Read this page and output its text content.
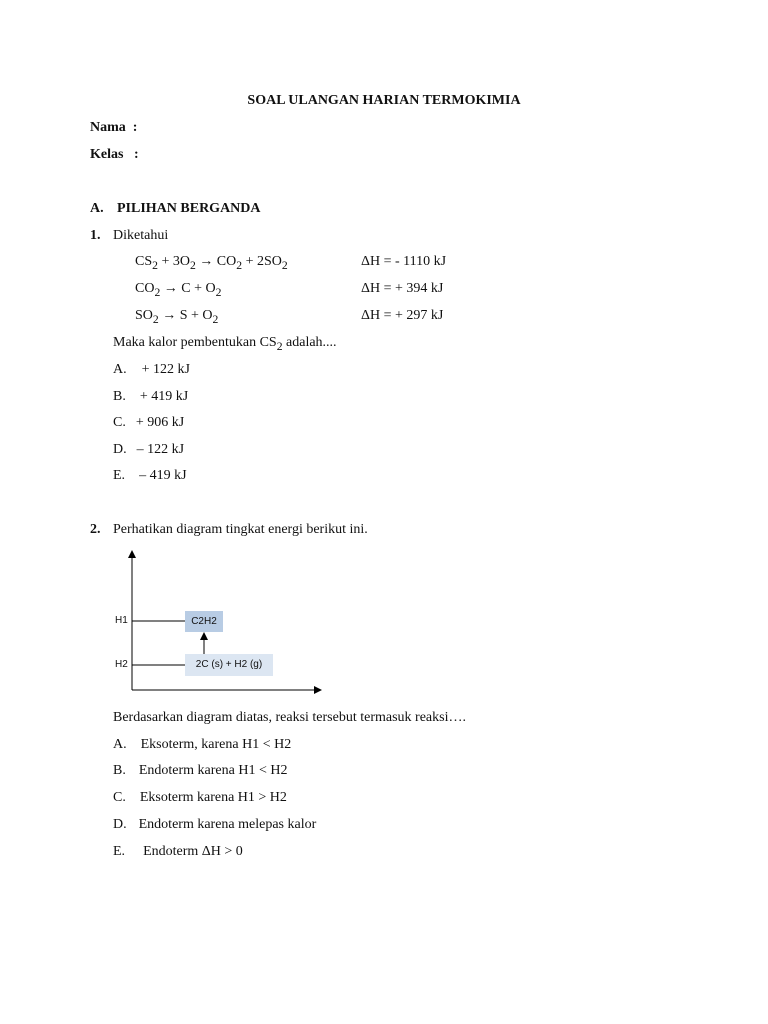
SOAL ULANGAN HARIAN TERMOKIMIA
Nama :
Kelas :
A. PILIHAN BERGANDA
1. Diketahui
$CS_2 + 3O_2 \to CO_2 + 2SO_2$	ΔH = - 1110 kJ
$CO_2 \to C + O_2$	ΔH = + 394 kJ
$SO_2 \to S + O_2$	ΔH = + 297 kJ
Maka kalor pembentukan $CS_2$ adalah....
A. + 122 kJ
B. + 419 kJ
C. + 906 kJ
D. – 122 kJ
E. – 419 kJ
2. Perhatikan diagram tingkat energi berikut ini.
H1
H2
C2H2
2C (s) + H2 (g)
Berdasarkan diagram diatas, reaksi tersebut termasuk reaksi….
A. Eksoterm, karena H1 < H2
B. Endoterm karena H1 < H2
C. Eksoterm karena H1 > H2
D. Endoterm karena melepas kalor
E. Endoterm ΔH > 0
